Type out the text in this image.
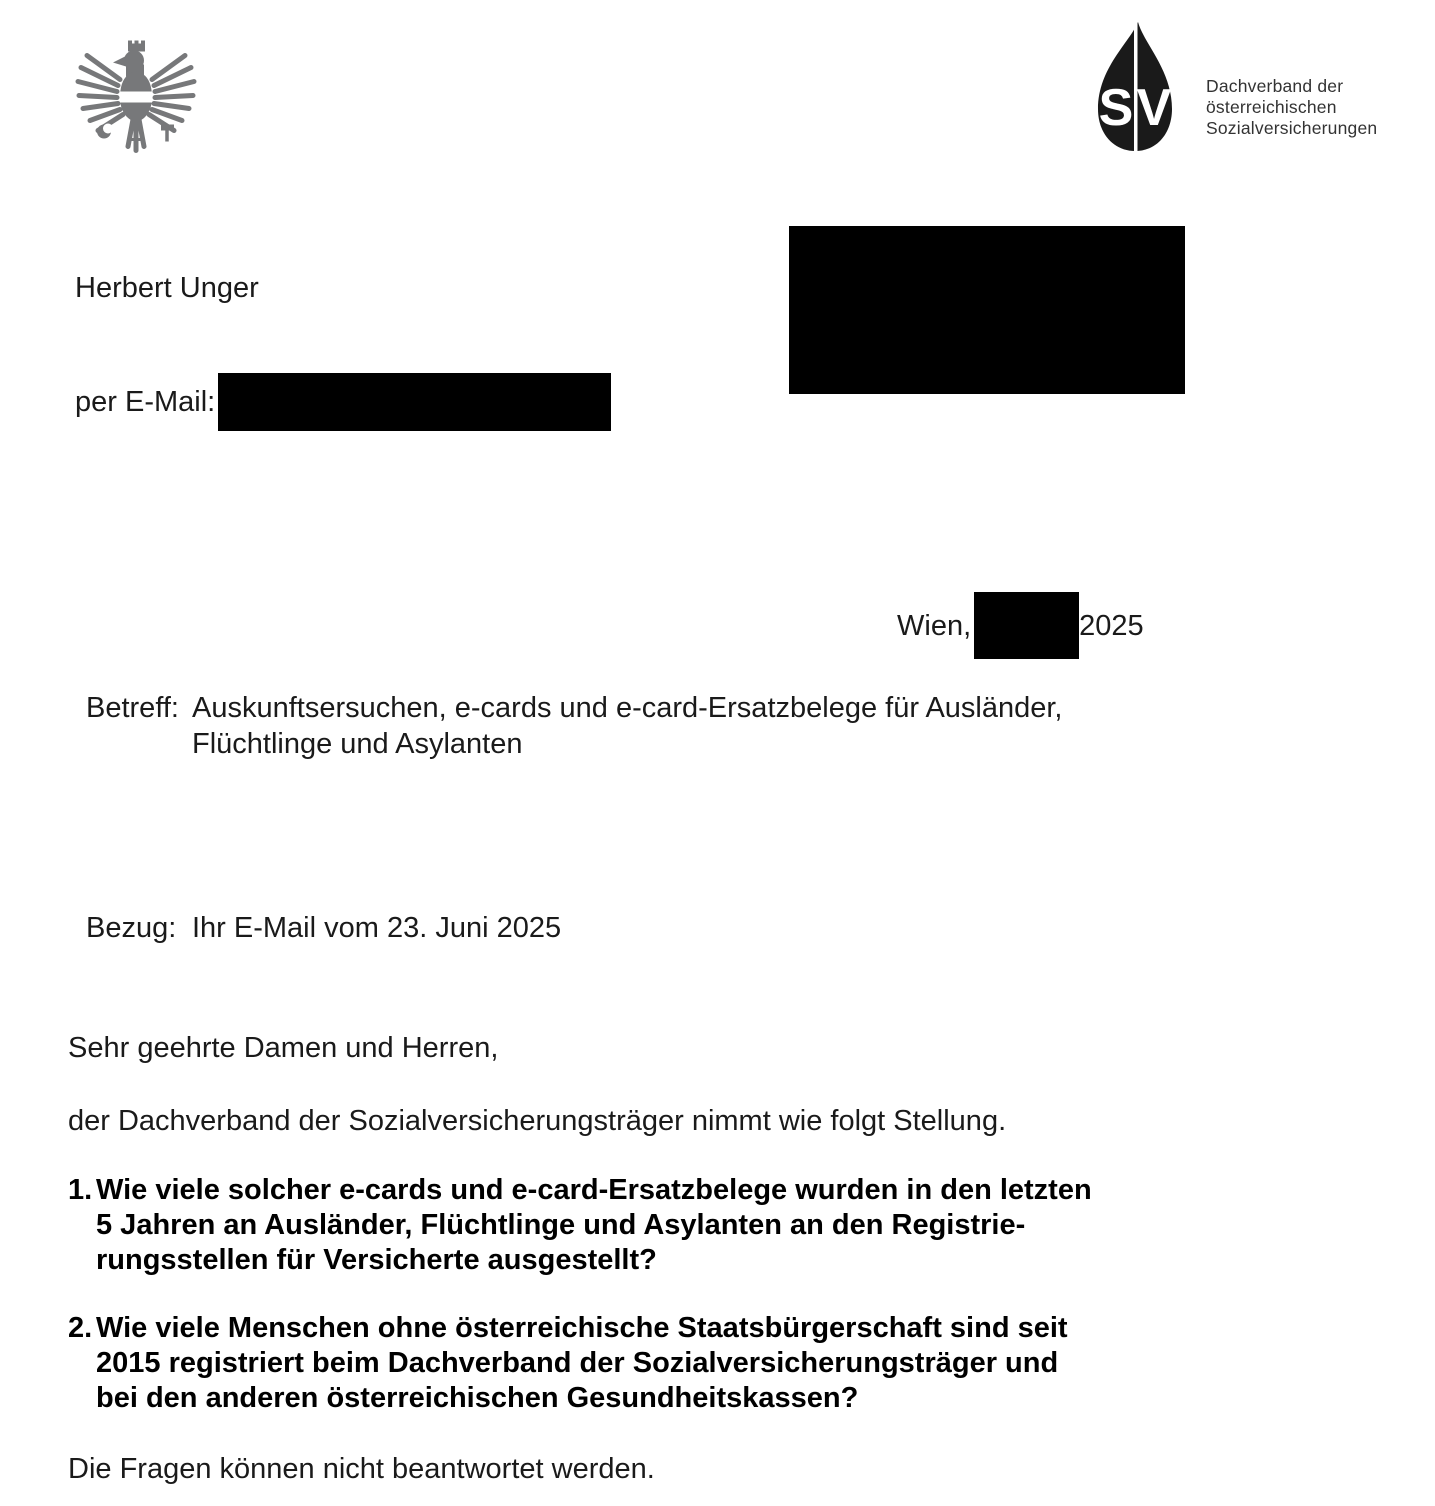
S V Dachverband der
österreichischen
Sozialversicherungen
Herbert Unger
per E-Mail:
Wien,	2025
Betreff: Auskunftsersuchen, e-cards und e-card-Ersatzbelege für Ausländer,
Flüchtlinge und Asylanten
Bezug: Ihr E-Mail vom 23. Juni 2025
Sehr geehrte Damen und Herren,
der Dachverband der Sozialversicherungsträger nimmt wie folgt Stellung.
1. Wie viele solcher e-cards und e-card-Ersatzbelege wurden in den letzten
5 Jahren an Ausländer, Flüchtlinge und Asylanten an den Registrie-
rungsstellen für Versicherte ausgestellt?
2. Wie viele Menschen ohne österreichische Staatsbürgerschaft sind seit
2015 registriert beim Dachverband der Sozialversicherungsträger und
bei den anderen österreichischen Gesundheitskassen?
Die Fragen können nicht beantwortet werden.
